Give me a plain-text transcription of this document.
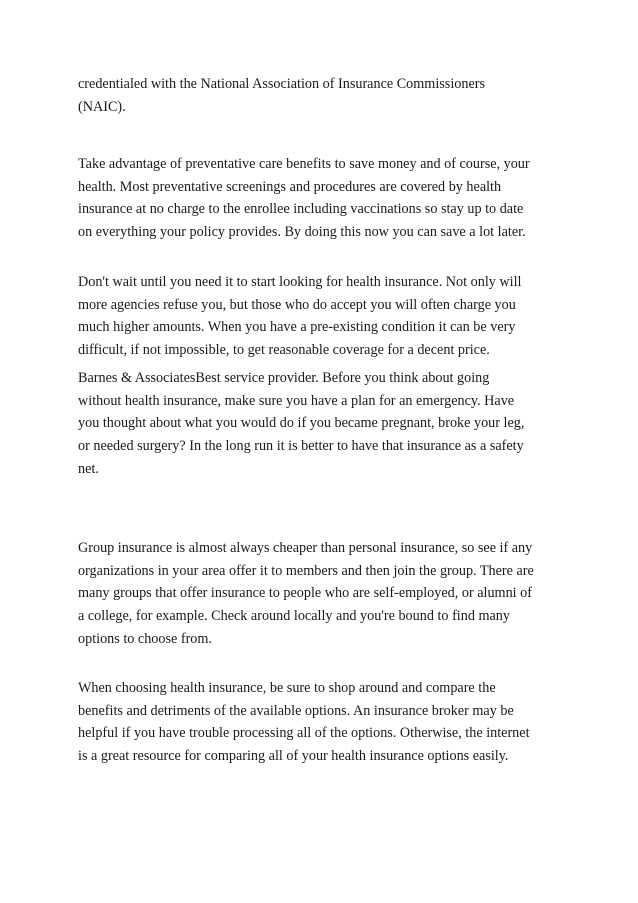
credentialed with the National Association of Insurance Commissioners
(NAIC).

Take advantage of preventative care benefits to save money and of course, your
health. Most preventative screenings and procedures are covered by health
insurance at no charge to the enrollee including vaccinations so stay up to date
on everything your policy provides. By doing this now you can save a lot later.

Don't wait until you need it to start looking for health insurance. Not only will
more agencies refuse you, but those who do accept you will often charge you
much higher amounts. When you have a pre-existing condition it can be very
difficult, if not impossible, to get reasonable coverage for a decent price.

Barnes & AssociatesBest service provider. Before you think about going
without health insurance, make sure you have a plan for an emergency. Have
you thought about what you would do if you became pregnant, broke your leg,
or needed surgery? In the long run it is better to have that insurance as a safety
net.

Group insurance is almost always cheaper than personal insurance, so see if any
organizations in your area offer it to members and then join the group. There are
many groups that offer insurance to people who are self-employed, or alumni of
a college, for example. Check around locally and you're bound to find many
options to choose from.

When choosing health insurance, be sure to shop around and compare the
benefits and detriments of the available options. An insurance broker may be
helpful if you have trouble processing all of the options. Otherwise, the internet
is a great resource for comparing all of your health insurance options easily.
